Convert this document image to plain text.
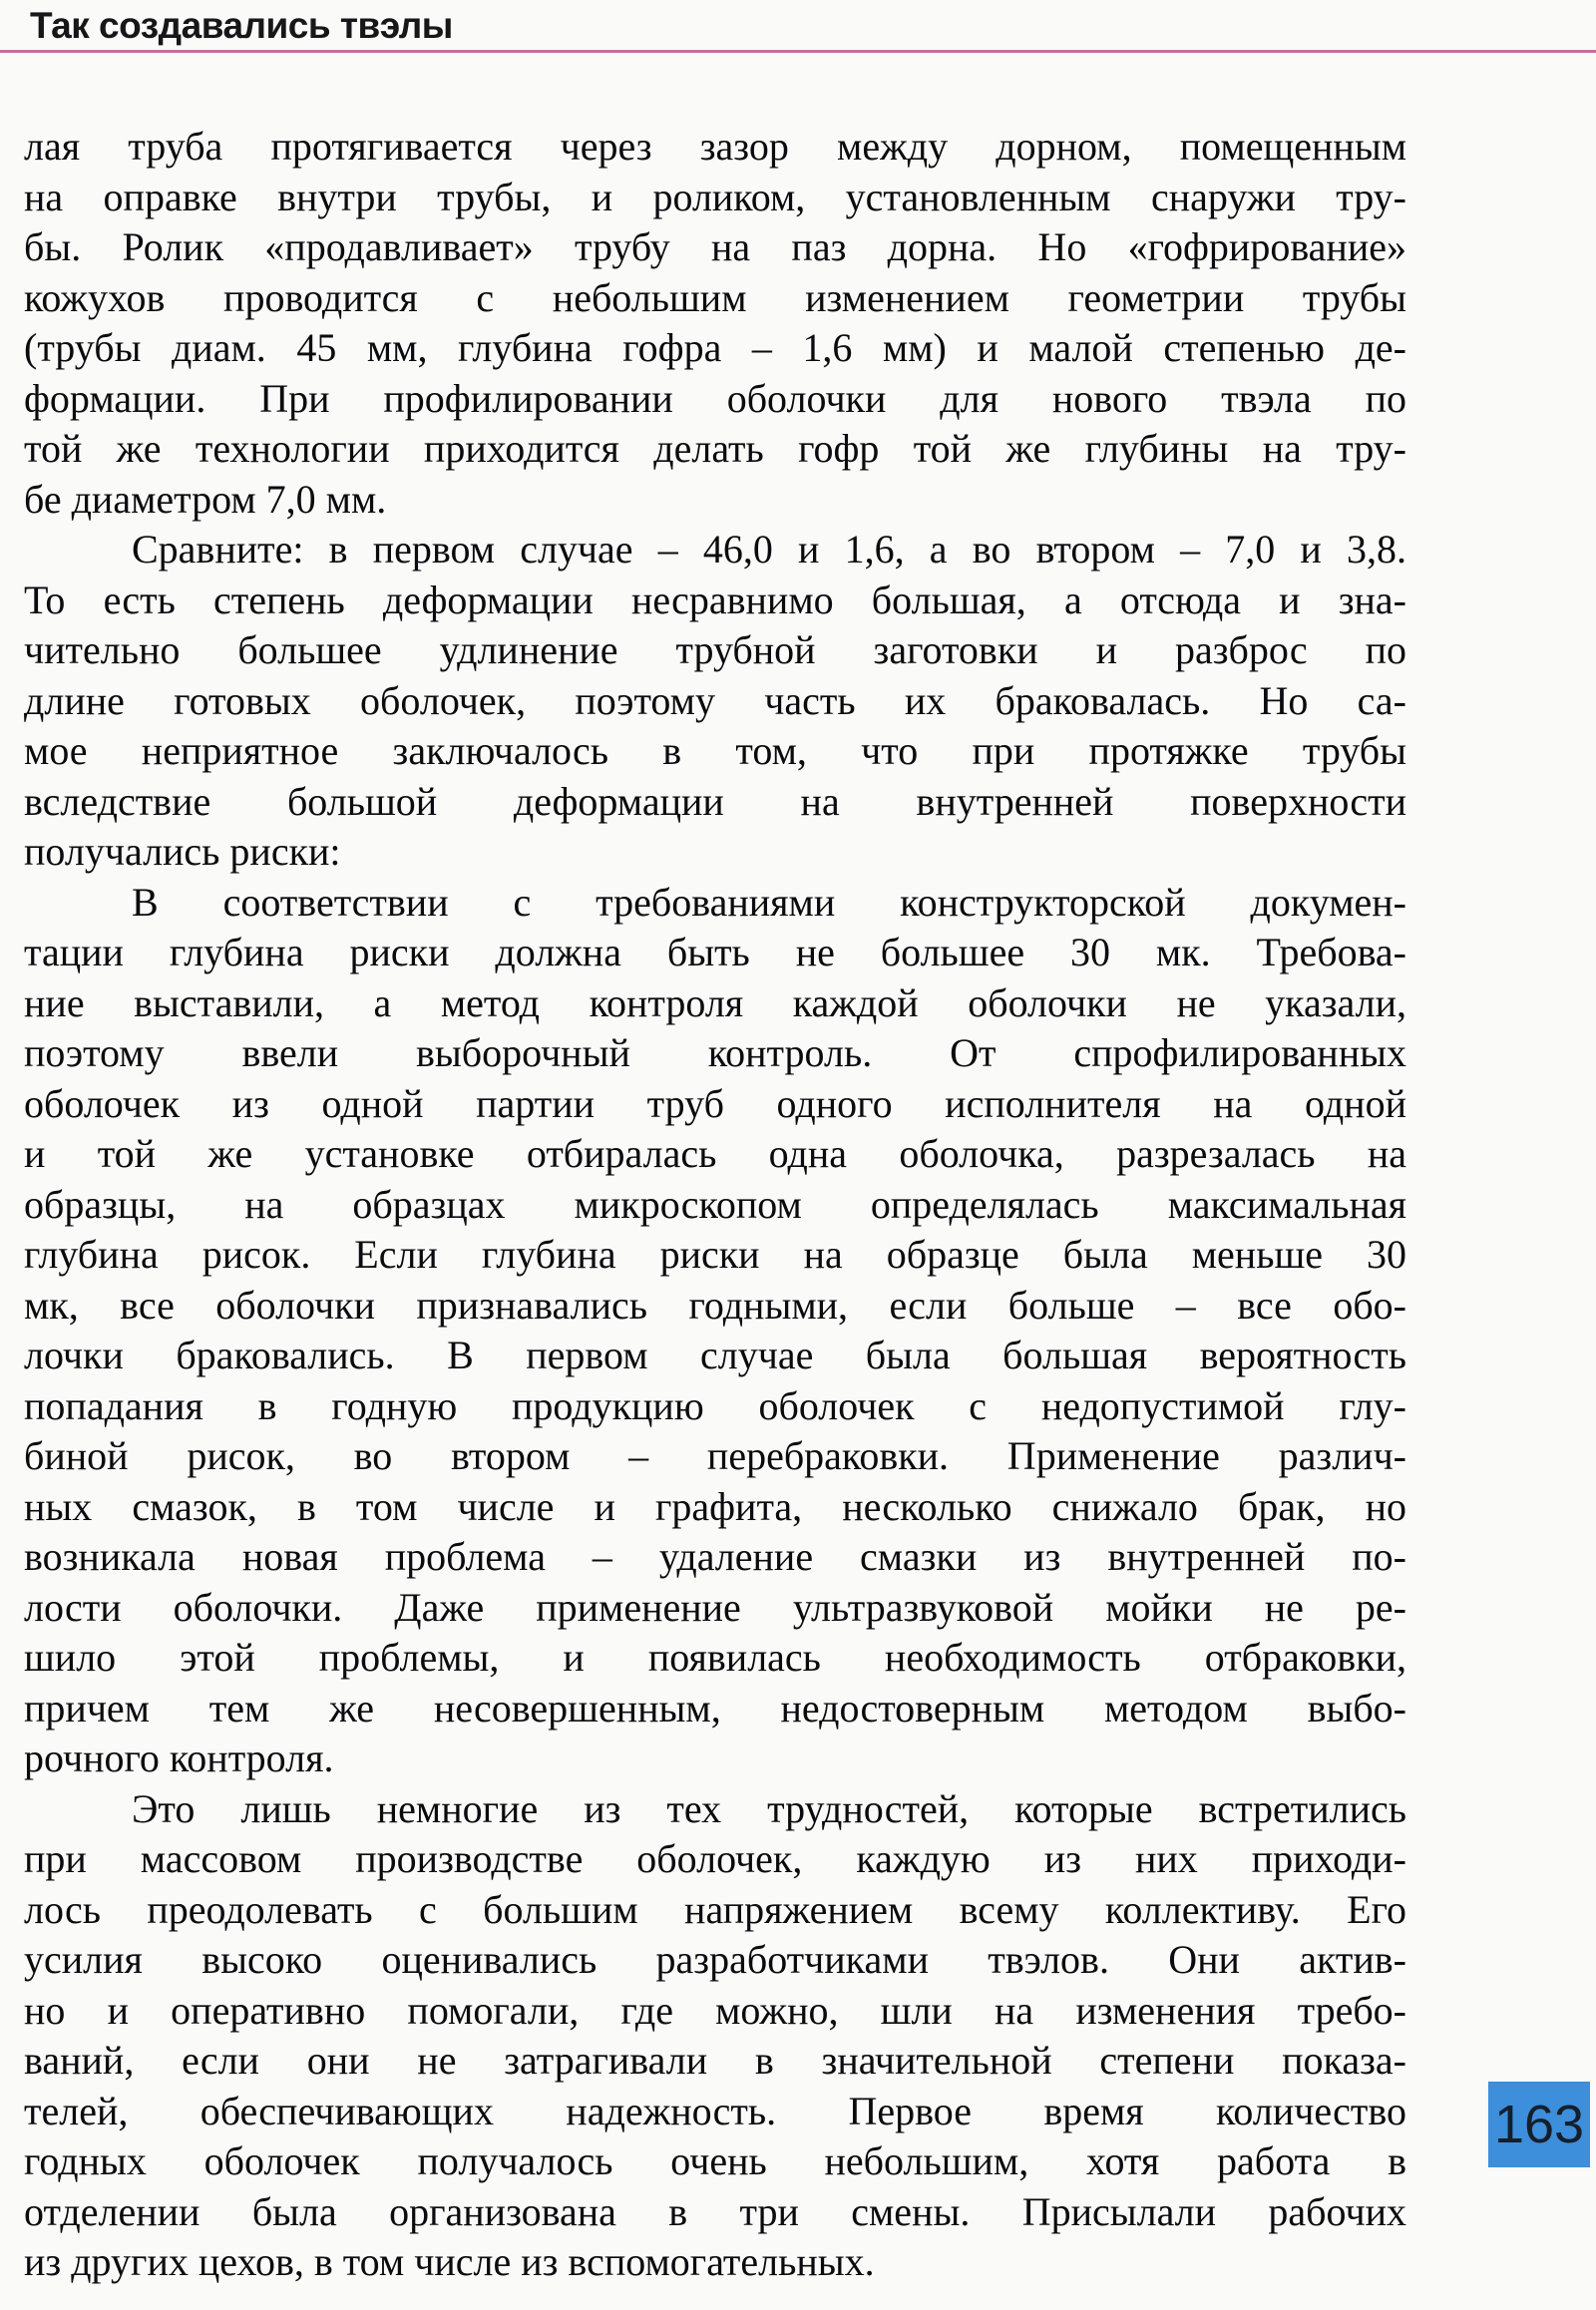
Так создавались твэлы
лая труба протягивается через зазор между дорном, помещенным
на оправке внутри трубы, и роликом, установленным снаружи тру-
бы. Ролик «продавливает» трубу на паз дорна. Но «гофрирование»
кожухов проводится с небольшим изменением геометрии трубы
(трубы диам. 45 мм, глубина гофра – 1,6 мм) и малой степенью де-
формации. При профилировании оболочки для нового твэла по
той же технологии приходится делать гофр той же глубины на тру-
бе диаметром 7,0 мм.
Сравните: в первом случае – 46,0 и 1,6, а во втором – 7,0 и 3,8.
То есть степень деформации несравнимо большая, а отсюда и зна-
чительно большее удлинение трубной заготовки и разброс по
длине готовых оболочек, поэтому часть их браковалась. Но са-
мое неприятное заключалось в том, что при протяжке трубы
вследствие большой деформации на внутренней поверхности
получались риски:
В соответствии с требованиями конструкторской докумен-
тации глубина риски должна быть не большее 30 мк. Требова-
ние выставили, а метод контроля каждой оболочки не указали,
поэтому ввели выборочный контроль. От спрофилированных
оболочек из одной партии труб одного исполнителя на одной
и той же установке отбиралась одна оболочка, разрезалась на
образцы, на образцах микроскопом определялась максимальная
глубина рисок. Если глубина риски на образце была меньше 30
мк, все оболочки признавались годными, если больше – все обо-
лочки браковались. В первом случае была большая вероятность
попадания в годную продукцию оболочек с недопустимой глу-
биной рисок, во втором – перебраковки. Применение различ-
ных смазок, в том числе и графита, несколько снижало брак, но
возникала новая проблема – удаление смазки из внутренней по-
лости оболочки. Даже применение ультразвуковой мойки не ре-
шило этой проблемы, и появилась необходимость отбраковки,
причем тем же несовершенным, недостоверным методом выбо-
рочного контроля.
Это лишь немногие из тех трудностей, которые встретились
при массовом производстве оболочек, каждую из них приходи-
лось преодолевать с большим напряжением всему коллективу. Его
усилия высоко оценивались разработчиками твэлов. Они актив-
но и оперативно помогали, где можно, шли на изменения требо-
ваний, если они не затрагивали в значительной степени показа-
телей, обеспечивающих надежность. Первое время количество
годных оболочек получалось очень небольшим, хотя работа в
отделении была организована в три смены. Присылали рабочих
из других цехов, в том числе из вспомогательных.
163
